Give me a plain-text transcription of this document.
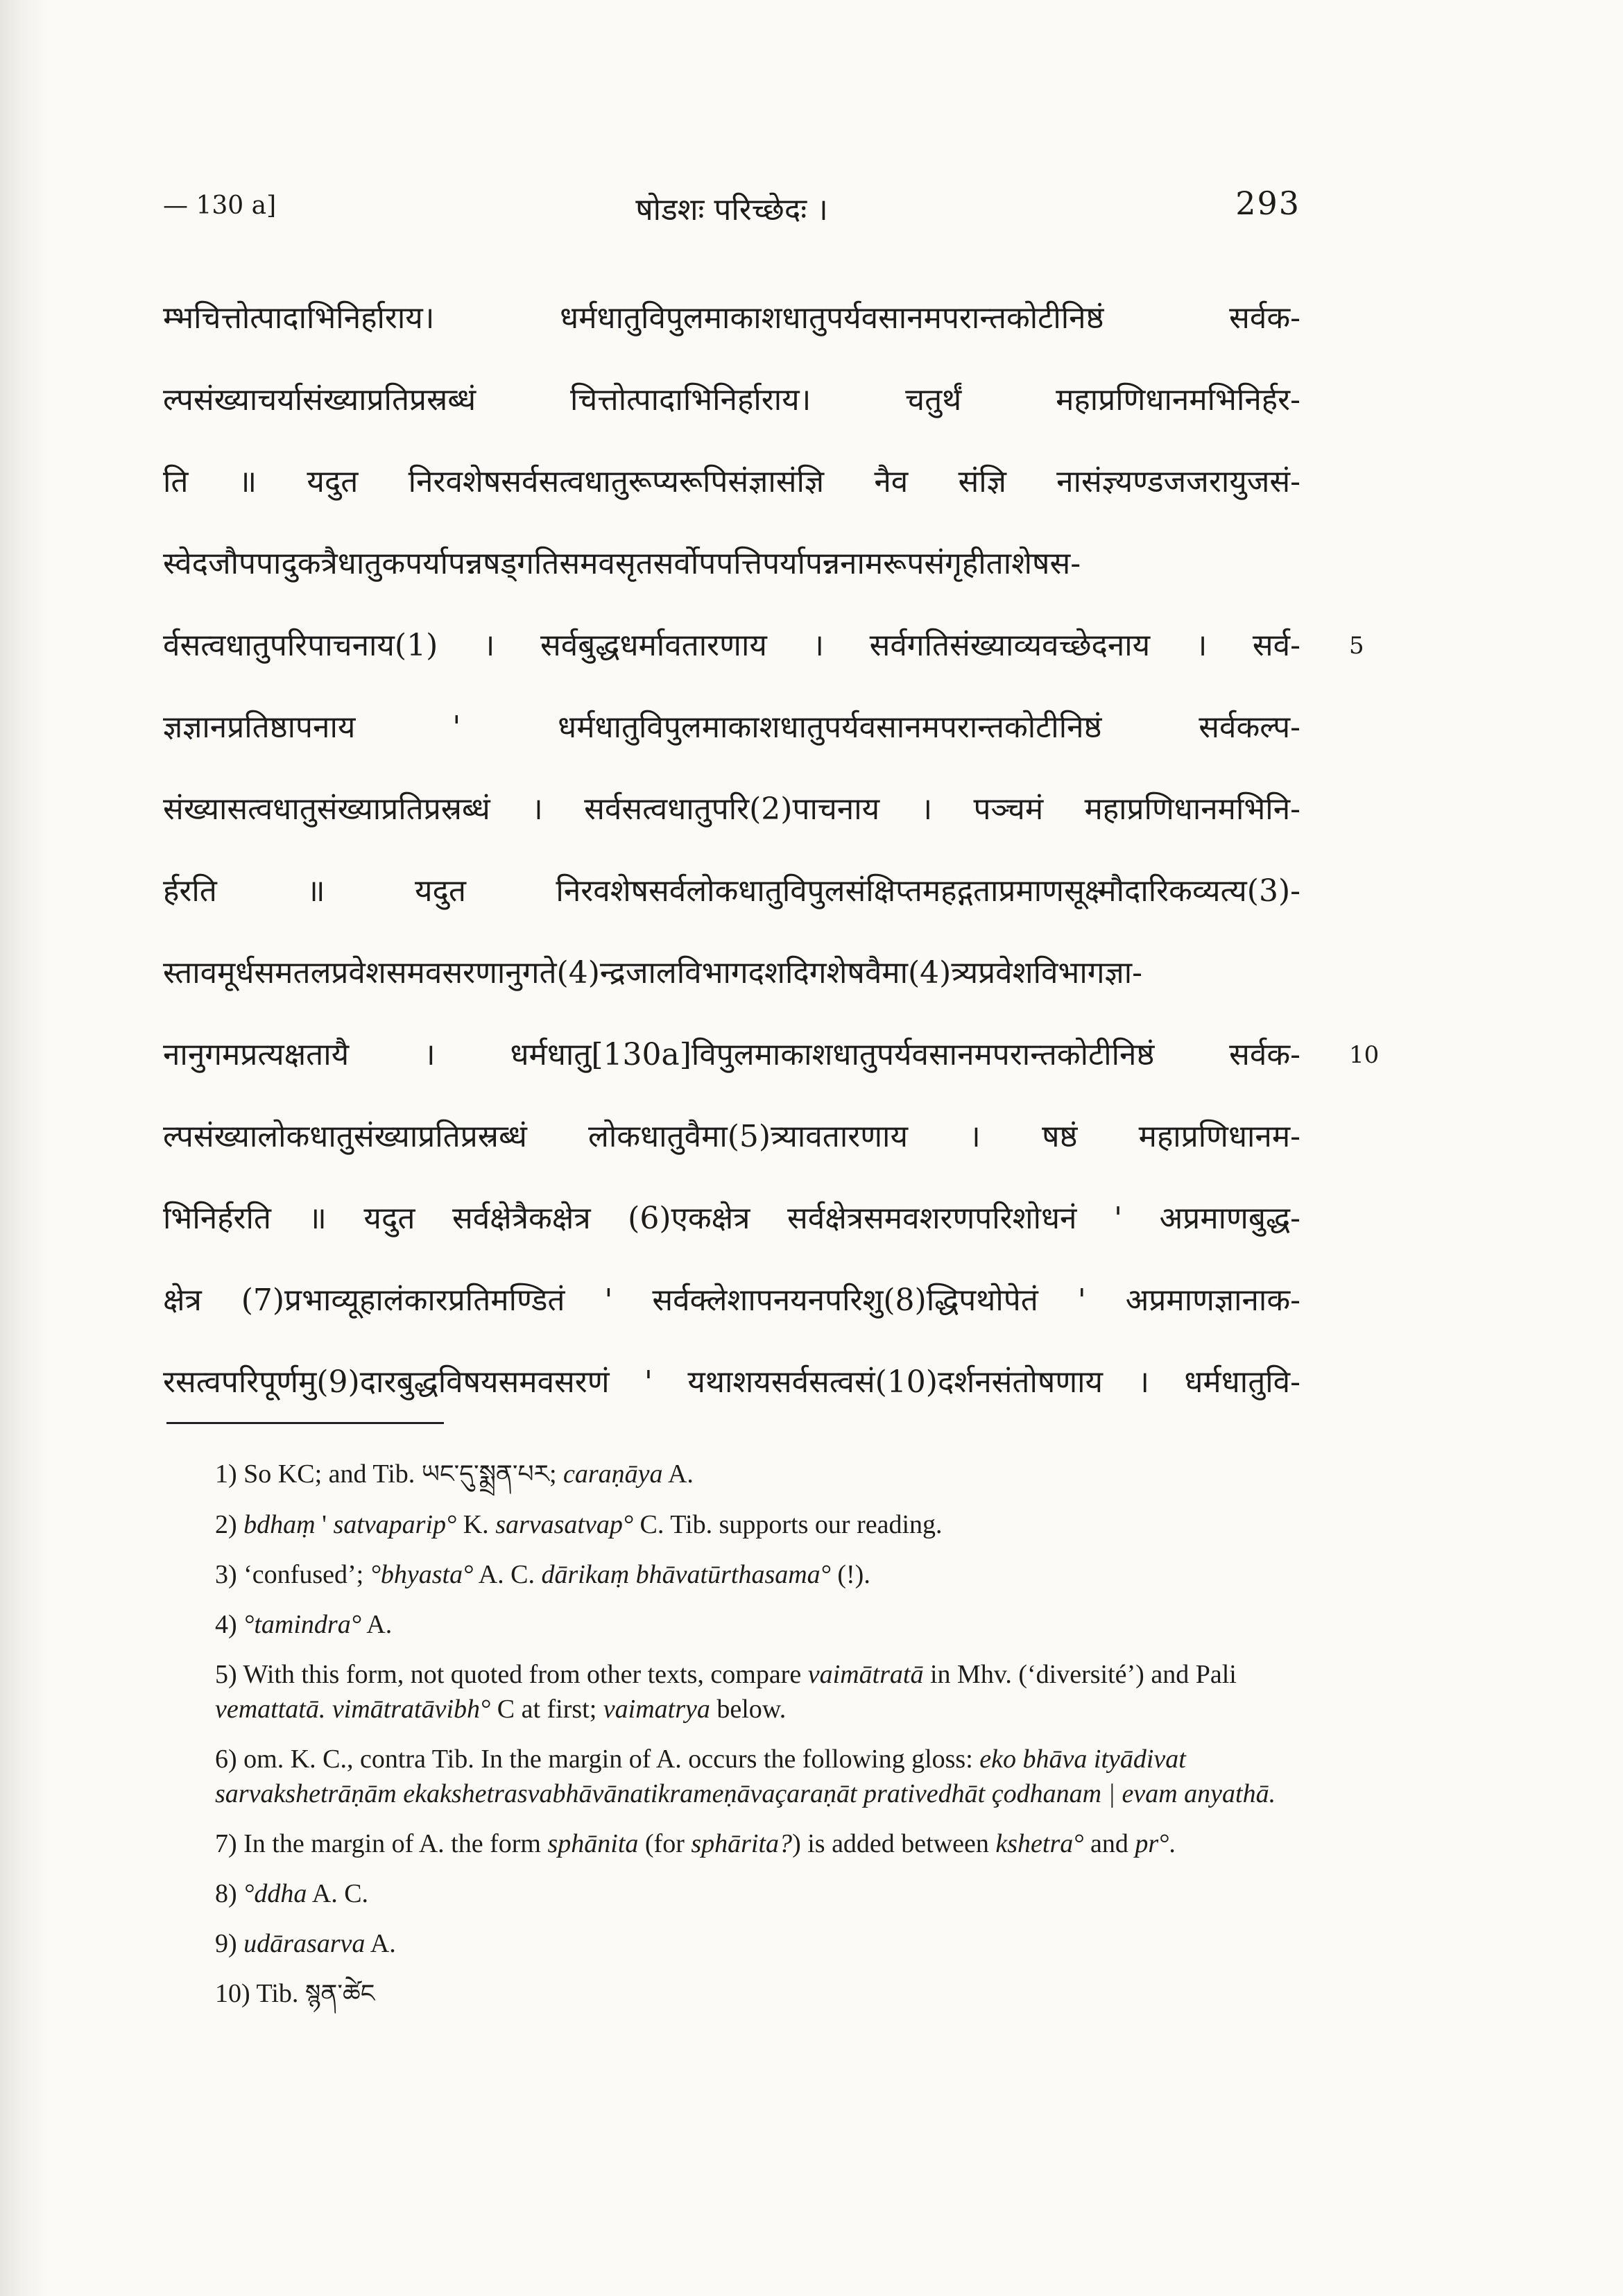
— 130 a]	षोडशः परिच्छेदः ।	293
म्भचित्तोत्पादाभिनिर्हाराय। धर्मधातुविपुलमाकाशधातुपर्यवसानमपरान्तकोटीनिष्ठं सर्वक-
ल्पसंख्याचर्यासंख्याप्रतिप्रस्रब्धं चित्तोत्पादाभिनिर्हाराय। चतुर्थं महाप्रणिधानमभिनिर्हर-
ति ॥ यदुत निरवशेषसर्वसत्वधातुरूप्यरूपिसंज्ञासंज्ञि नैव संज्ञि नासंज्ञ्यण्डजजरायुजसं-
स्वेदजौपपादुकत्रैधातुकपर्यापन्नषड्गतिसमवसृतसर्वोपपत्तिपर्यापन्ननामरूपसंगृहीताशेषस-
र्वसत्वधातुपरिपाचनाय(1) । सर्वबुद्धधर्मावतारणाय । सर्वगतिसंख्याव्यवच्छेदनाय । सर्व- 5
ज्ञज्ञानप्रतिष्ठापनाय ' धर्मधातुविपुलमाकाशधातुपर्यवसानमपरान्तकोटीनिष्ठं सर्वकल्प-
संख्यासत्वधातुसंख्याप्रतिप्रस्रब्धं । सर्वसत्वधातुपरि(2)पाचनाय । पञ्चमं महाप्रणिधानमभिनि-
र्हरति ॥ यदुत निरवशेषसर्वलोकधातुविपुलसंक्षिप्तमहद्गताप्रमाणसूक्ष्मौदारिकव्यत्य(3)-
स्तावमूर्धसमतलप्रवेशसमवसरणानुगते(4)न्द्रजालविभागदशदिगशेषवैमा(4)त्र्यप्रवेशविभागज्ञा-
नानुगमप्रत्यक्षतायै । धर्मधातु[130a]विपुलमाकाशधातुपर्यवसानमपरान्तकोटीनिष्ठं सर्वक- 10
ल्पसंख्यालोकधातुसंख्याप्रतिप्रस्रब्धं लोकधातुवैमा(5)त्र्यावतारणाय । षष्ठं महाप्रणिधानम-
भिनिर्हरति ॥ यदुत सर्वक्षेत्रैकक्षेत्र (6)एकक्षेत्र सर्वक्षेत्रसमवशरणपरिशोधनं ' अप्रमाणबुद्ध-
क्षेत्र (7)प्रभाव्यूहालंकारप्रतिमण्डितं ' सर्वक्लेशापनयनपरिशु(8)द्धिपथोपेतं ' अप्रमाणज्ञानाक-
रसत्वपरिपूर्णमु(9)दारबुद्धविषयसमवसरणं ' यथाशयसर्वसत्वसं(10)दर्शनसंतोषणाय । धर्मधातुवि-
1) So KC; and Tib. ཡང་དུ་སྨྲན་པར; caraṇāya A.
2) bdhaṃ ' satvaparip° K. sarvasatvap° C. Tib. supports our reading.
3) ‘confused’; °bhyasta° A. C. dārikaṃ bhāvatūrthasama° (!).
4) °tamindra° A.
5) With this form, not quoted from other texts, compare vaimātratā in Mhv. (‘diversité’) and Pali vemattatā. vimātratāvibh° C at first; vaimatrya below.
6) om. K. C., contra Tib. In the margin of A. occurs the following gloss: eko bhāva ityādivat sarvakshetrāṇām ekakshetrasvabhāvānatikrameṇāvaçaraṇāt prativedhāt çodhanam | evam anyathā.
7) In the margin of A. the form sphānita (for sphārita?) is added between kshetra° and pr°.
8) °ddha A. C.
9) udārasarva A.
10) Tib. སྙན་ཚེང
